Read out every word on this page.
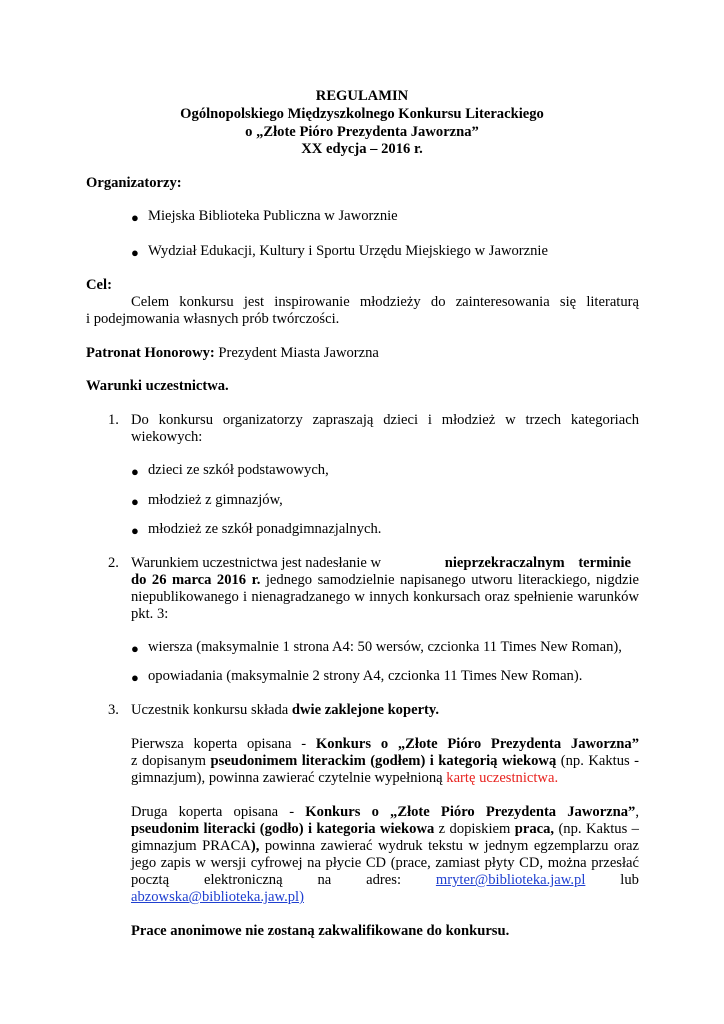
REGULAMIN
Ogólnopolskiego Międzyszkolnego Konkursu Literackiego
o „Złote Pióro Prezydenta Jaworzna”
XX edycja – 2016 r.
Organizatorzy:
● Miejska Biblioteka Publiczna w Jaworznie
● Wydział Edukacji, Kultury i Sportu Urzędu Miejskiego w Jaworznie
Cel:
Celem konkursu jest inspirowanie młodzieży do zainteresowania się literaturą
i podejmowania własnych prób twórczości.
Patronat Honorowy: Prezydent Miasta Jaworzna
Warunki uczestnictwa.
1. Do konkursu organizatorzy zapraszają dzieci i młodzież w trzech kategoriach
wiekowych:
● dzieci ze szkół podstawowych,
● młodzież z gimnazjów,
● młodzież ze szkół ponadgimnazjalnych.
2. Warunkiem uczestnictwa jest nadesłanie w	nieprzekraczalnym terminie
do 26 marca 2016 r. jednego samodzielnie napisanego utworu literackiego, nigdzie
niepublikowanego i nienagradzanego w innych konkursach oraz spełnienie warunków
pkt. 3:
● wiersza (maksymalnie 1 strona A4: 50 wersów, czcionka 11 Times New Roman),
● opowiadania (maksymalnie 2 strony A4, czcionka 11 Times New Roman).
3. Uczestnik konkursu składa dwie zaklejone koperty.
Pierwsza koperta opisana - Konkurs o „Złote Pióro Prezydenta Jaworzna”
z dopisanym pseudonimem literackim (godłem) i kategorią wiekową (np. Kaktus -
gimnazjum), powinna zawierać czytelnie wypełnioną kartę uczestnictwa.
Druga koperta opisana - Konkurs o „Złote Pióro Prezydenta Jaworzna”,
pseudonim literacki (godło) i kategoria wiekowa z dopiskiem praca, (np. Kaktus –
gimnazjum PRACA), powinna zawierać wydruk tekstu w jednym egzemplarzu oraz
jego zapis w wersji cyfrowej na płycie CD (prace, zamiast płyty CD, można przesłać
pocztą elektroniczną na adres: mryter@biblioteka.jaw.pl lub
abzowska@biblioteka.jaw.pl)
Prace anonimowe nie zostaną zakwalifikowane do konkursu.
